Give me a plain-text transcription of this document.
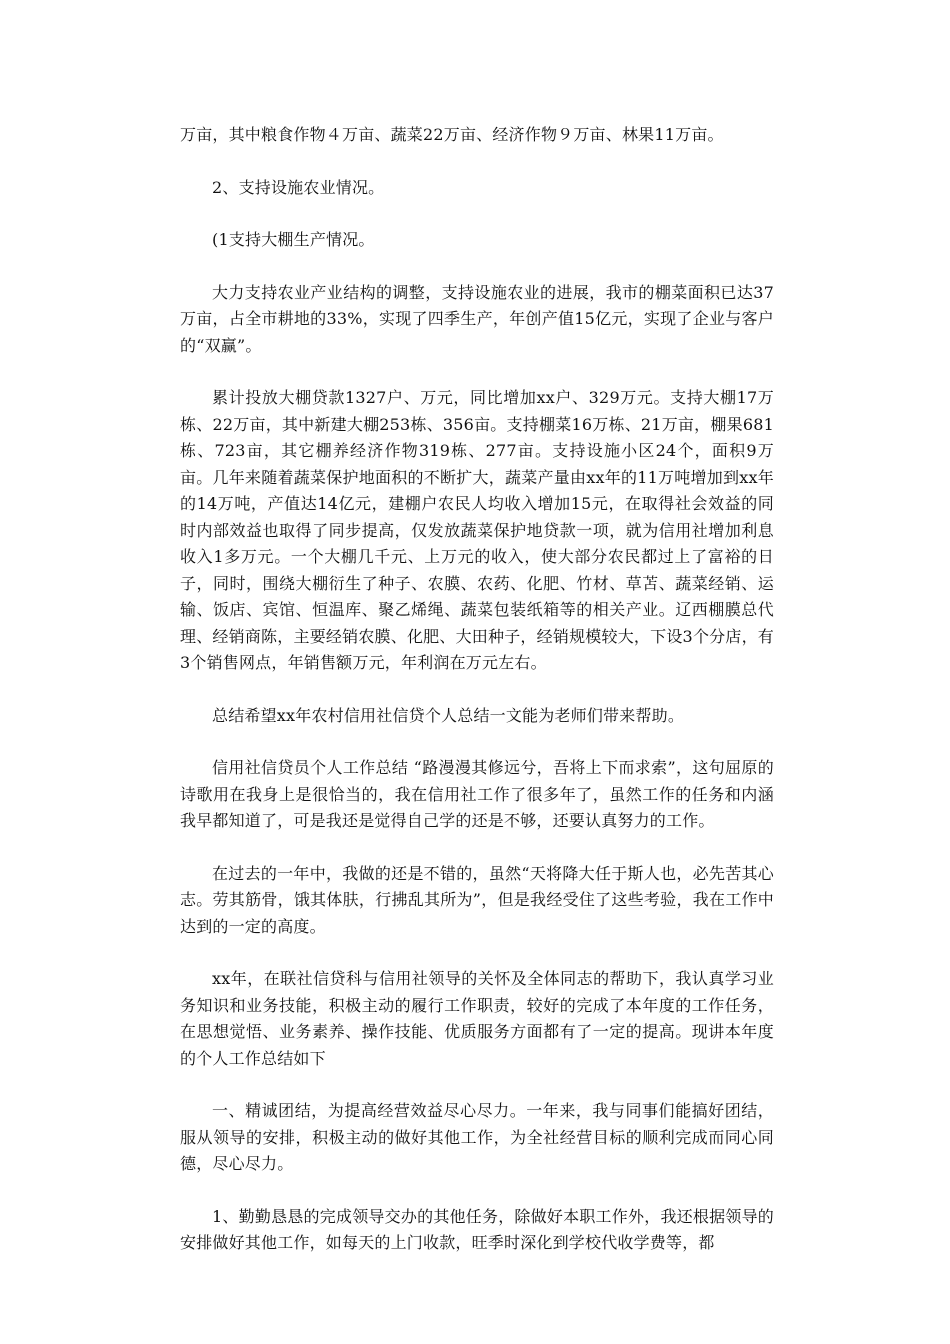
万亩，其中粮食作物４万亩、蔬菜22万亩、经济作物９万亩、林果11万亩。

2、支持设施农业情况。

(1支持大棚生产情况。

大力支持农业产业结构的调整，支持设施农业的进展，我市的棚菜面积已达37万亩，占全市耕地的33%，实现了四季生产，年创产值15亿元，实现了企业与客户的“双赢”。

累计投放大棚贷款1327户、万元，同比增加xx户、329万元。支持大棚17万栋、22万亩，其中新建大棚253栋、356亩。支持棚菜16万栋、21万亩，棚果681栋、723亩，其它棚养经济作物319栋、277亩。支持设施小区24个，面积9万亩。几年来随着蔬菜保护地面积的不断扩大，蔬菜产量由xx年的11万吨增加到xx年的14万吨，产值达14亿元，建棚户农民人均收入增加15元，在取得社会效益的同时内部效益也取得了同步提高，仅发放蔬菜保护地贷款一项，就为信用社增加利息收入1多万元。一个大棚几千元、上万元的收入，使大部分农民都过上了富裕的日子，同时，围绕大棚衍生了种子、农膜、农药、化肥、竹材、草苫、蔬菜经销、运输、饭店、宾馆、恒温库、聚乙烯绳、蔬菜包装纸箱等的相关产业。辽西棚膜总代理、经销商陈，主要经销农膜、化肥、大田种子，经销规模较大，下设3个分店，有3个销售网点，年销售额万元，年利润在万元左右。

总结希望xx年农村信用社信贷个人总结一文能为老师们带来帮助。

信用社信贷员个人工作总结 “路漫漫其修远兮，吾将上下而求索”，这句屈原的诗歌用在我身上是很恰当的，我在信用社工作了很多年了，虽然工作的任务和内涵我早都知道了，可是我还是觉得自己学的还是不够，还要认真努力的工作。

在过去的一年中，我做的还是不错的，虽然“天将降大任于斯人也，必先苦其心志。劳其筋骨，饿其体肤，行拂乱其所为”，但是我经受住了这些考验，我在工作中达到的一定的高度。

xx年，在联社信贷科与信用社领导的关怀及全体同志的帮助下，我认真学习业务知识和业务技能，积极主动的履行工作职责，较好的完成了本年度的工作任务，在思想觉悟、业务素养、操作技能、优质服务方面都有了一定的提高。现讲本年度的个人工作总结如下

一、精诚团结，为提高经营效益尽心尽力。一年来，我与同事们能搞好团结，服从领导的安排，积极主动的做好其他工作，为全社经营目标的顺利完成而同心同德，尽心尽力。

1、勤勤恳恳的完成领导交办的其他任务，除做好本职工作外，我还根据领导的安排做好其他工作，如每天的上门收款，旺季时深化到学校代收学费等，都
